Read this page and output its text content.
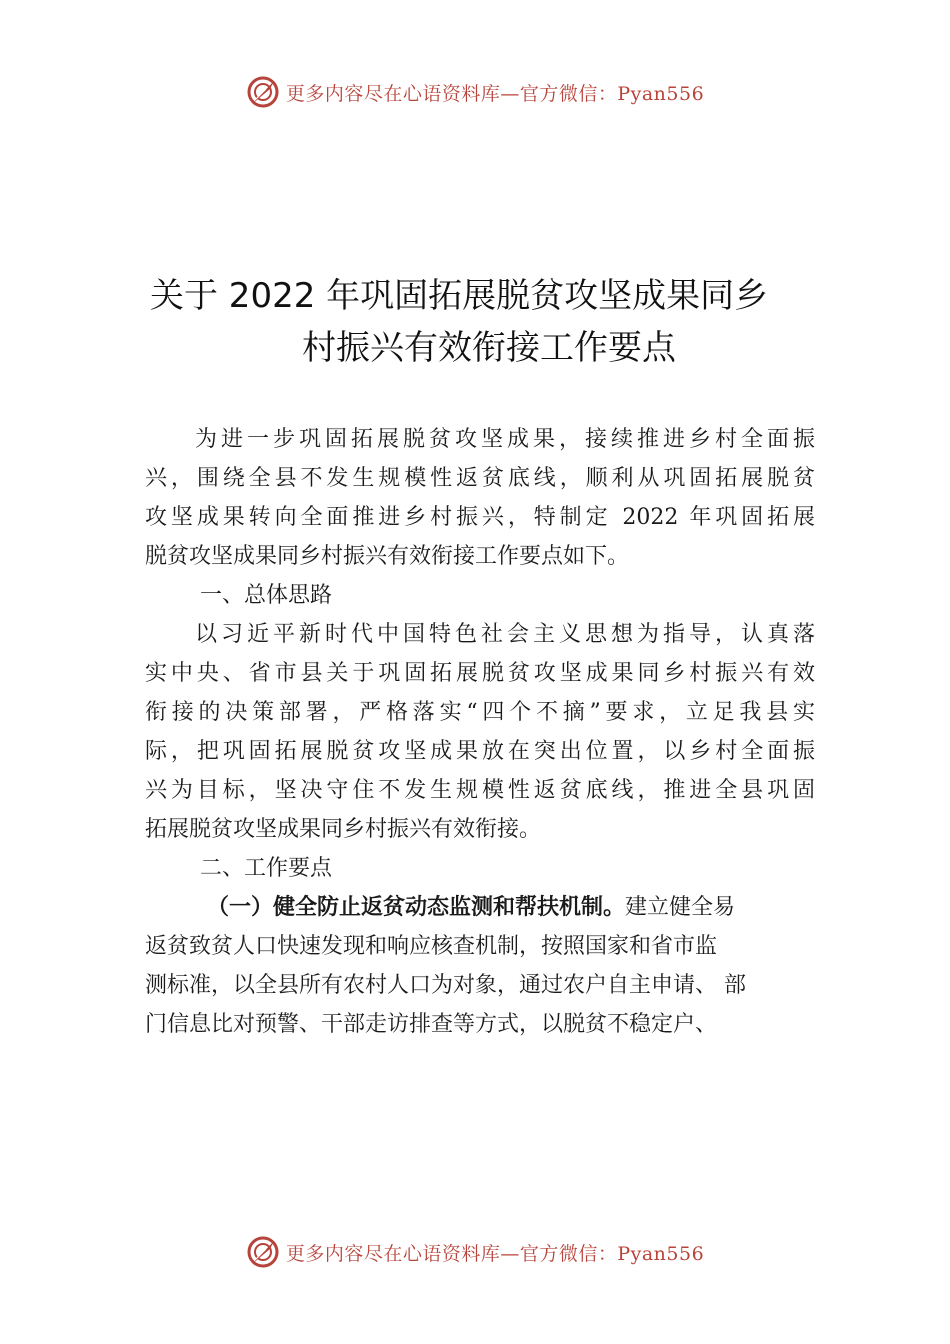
更多内容尽在心语资料库—官方微信：Pyan556
关于 2022 年巩固拓展脱贫攻坚成果同乡
村振兴有效衔接工作要点
为进一步巩固拓展脱贫攻坚成果，接续推进乡村全面振
兴，围绕全县不发生规模性返贫底线，顺利从巩固拓展脱贫
攻坚成果转向全面推进乡村振兴，特制定 2022 年巩固拓展
脱贫攻坚成果同乡村振兴有效衔接工作要点如下。
一、总体思路
以习近平新时代中国特色社会主义思想为指导，认真落
实中央、省市县关于巩固拓展脱贫攻坚成果同乡村振兴有效
衔接的决策部署，严格落实“四个不摘”要求，立足我县实
际，把巩固拓展脱贫攻坚成果放在突出位置，以乡村全面振
兴为目标，坚决守住不发生规模性返贫底线，推进全县巩固
拓展脱贫攻坚成果同乡村振兴有效衔接。
二、工作要点
（一）健全防止返贫动态监测和帮扶机制。建立健全易
返贫致贫人口快速发现和响应核查机制，按照国家和省市监
测标准，以全县所有农村人口为对象，通过农户自主申请、 部
门信息比对预警、干部走访排查等方式，以脱贫不稳定户、
更多内容尽在心语资料库—官方微信：Pyan556
